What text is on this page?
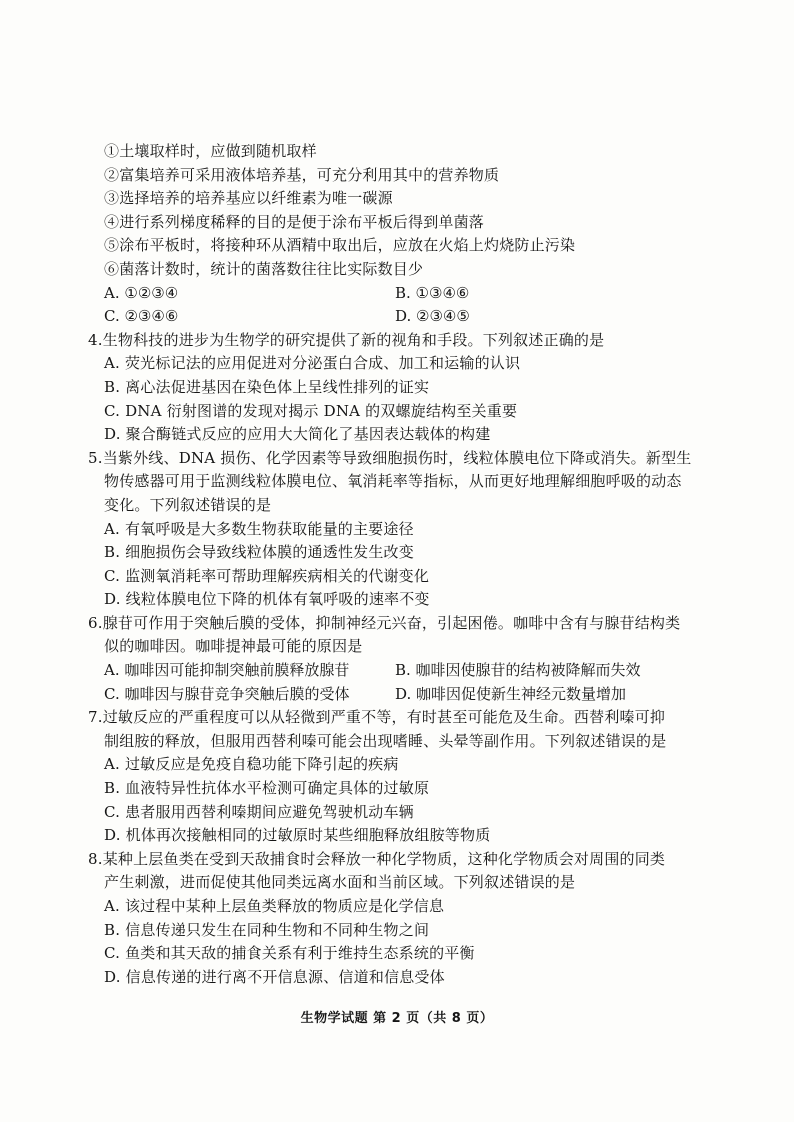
①土壤取样时，应做到随机取样
②富集培养可采用液体培养基，可充分利用其中的营养物质
③选择培养的培养基应以纤维素为唯一碳源
④进行系列梯度稀释的目的是便于涂布平板后得到单菌落
⑤涂布平板时，将接种环从酒精中取出后，应放在火焰上灼烧防止污染
⑥菌落计数时，统计的菌落数往往比实际数目少
A. ①②③④	B. ①③④⑥
C. ②③④⑥	D. ②③④⑤
4.生物科技的进步为生物学的研究提供了新的视角和手段。下列叙述正确的是
A. 荧光标记法的应用促进对分泌蛋白合成、加工和运输的认识
B. 离心法促进基因在染色体上呈线性排列的证实
C. DNA 衍射图谱的发现对揭示 DNA 的双螺旋结构至关重要
D. 聚合酶链式反应的应用大大简化了基因表达载体的构建
5.当紫外线、DNA 损伤、化学因素等导致细胞损伤时，线粒体膜电位下降或消失。新型生
物传感器可用于监测线粒体膜电位、氧消耗率等指标，从而更好地理解细胞呼吸的动态
变化。下列叙述错误的是
A. 有氧呼吸是大多数生物获取能量的主要途径
B. 细胞损伤会导致线粒体膜的通透性发生改变
C. 监测氧消耗率可帮助理解疾病相关的代谢变化
D. 线粒体膜电位下降的机体有氧呼吸的速率不变
6.腺苷可作用于突触后膜的受体，抑制神经元兴奋，引起困倦。咖啡中含有与腺苷结构类
似的咖啡因。咖啡提神最可能的原因是
A. 咖啡因可能抑制突触前膜释放腺苷	B. 咖啡因使腺苷的结构被降解而失效
C. 咖啡因与腺苷竞争突触后膜的受体	D. 咖啡因促使新生神经元数量增加
7.过敏反应的严重程度可以从轻微到严重不等，有时甚至可能危及生命。西替利嗪可抑
制组胺的释放，但服用西替利嗪可能会出现嗜睡、头晕等副作用。下列叙述错误的是
A. 过敏反应是免疫自稳功能下降引起的疾病
B. 血液特异性抗体水平检测可确定具体的过敏原
C. 患者服用西替利嗪期间应避免驾驶机动车辆
D. 机体再次接触相同的过敏原时某些细胞释放组胺等物质
8.某种上层鱼类在受到天敌捕食时会释放一种化学物质，这种化学物质会对周围的同类
产生刺激，进而促使其他同类远离水面和当前区域。下列叙述错误的是
A. 该过程中某种上层鱼类释放的物质应是化学信息
B. 信息传递只发生在同种生物和不同种生物之间
C. 鱼类和其天敌的捕食关系有利于维持生态系统的平衡
D. 信息传递的进行离不开信息源、信道和信息受体
生物学试题 第 2 页（共 8 页）
